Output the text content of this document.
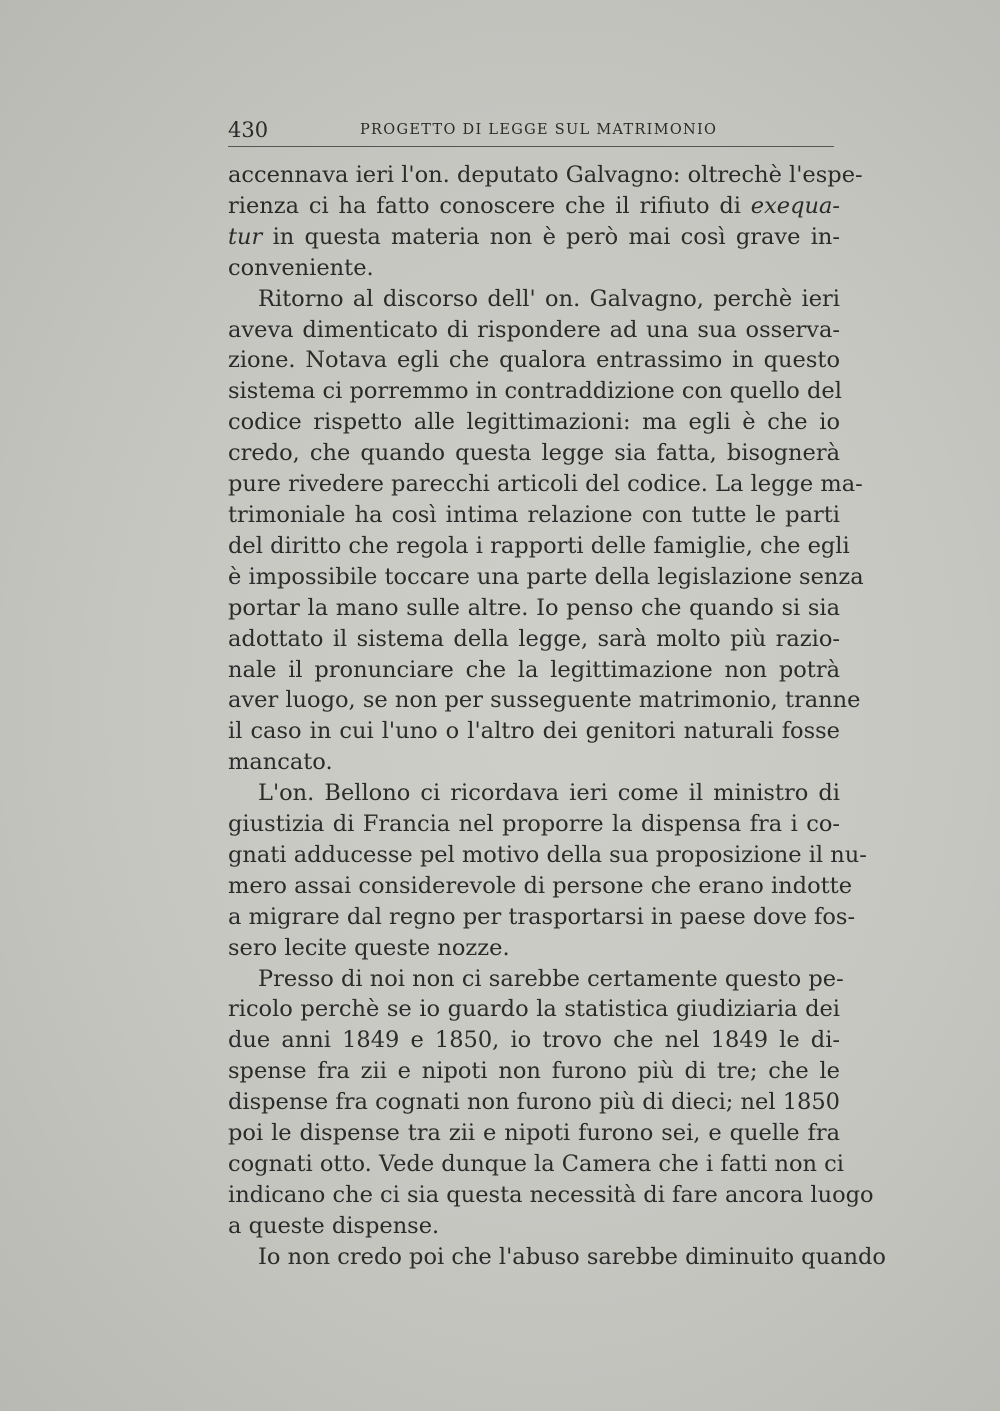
430	PROGETTO DI LEGGE SUL MATRIMONIO
accennava ieri l'on. deputato Galvagno: oltrechè l'espe-
rienza ci ha fatto conoscere che il rifiuto di exequa-
tur in questa materia non è però mai così grave in-
conveniente.
Ritorno al discorso dell' on. Galvagno, perchè ieri
aveva dimenticato di rispondere ad una sua osserva-
zione. Notava egli che qualora entrassimo in questo
sistema ci porremmo in contraddizione con quello del
codice rispetto alle legittimazioni: ma egli è che io
credo, che quando questa legge sia fatta, bisognerà
pure rivedere parecchi articoli del codice. La legge ma-
trimoniale ha così intima relazione con tutte le parti
del diritto che regola i rapporti delle famiglie, che egli
è impossibile toccare una parte della legislazione senza
portar la mano sulle altre. Io penso che quando si sia
adottato il sistema della legge, sarà molto più razio-
nale il pronunciare che la legittimazione non potrà
aver luogo, se non per susseguente matrimonio, tranne
il caso in cui l'uno o l'altro dei genitori naturali fosse
mancato.
L'on. Bellono ci ricordava ieri come il ministro di
giustizia di Francia nel proporre la dispensa fra i co-
gnati adducesse pel motivo della sua proposizione il nu-
mero assai considerevole di persone che erano indotte
a migrare dal regno per trasportarsi in paese dove fos-
sero lecite queste nozze.
Presso di noi non ci sarebbe certamente questo pe-
ricolo perchè se io guardo la statistica giudiziaria dei
due anni 1849 e 1850, io trovo che nel 1849 le di-
spense fra zii e nipoti non furono più di tre; che le
dispense fra cognati non furono più di dieci; nel 1850
poi le dispense tra zii e nipoti furono sei, e quelle fra
cognati otto. Vede dunque la Camera che i fatti non ci
indicano che ci sia questa necessità di fare ancora luogo
a queste dispense.
Io non credo poi che l'abuso sarebbe diminuito quando
